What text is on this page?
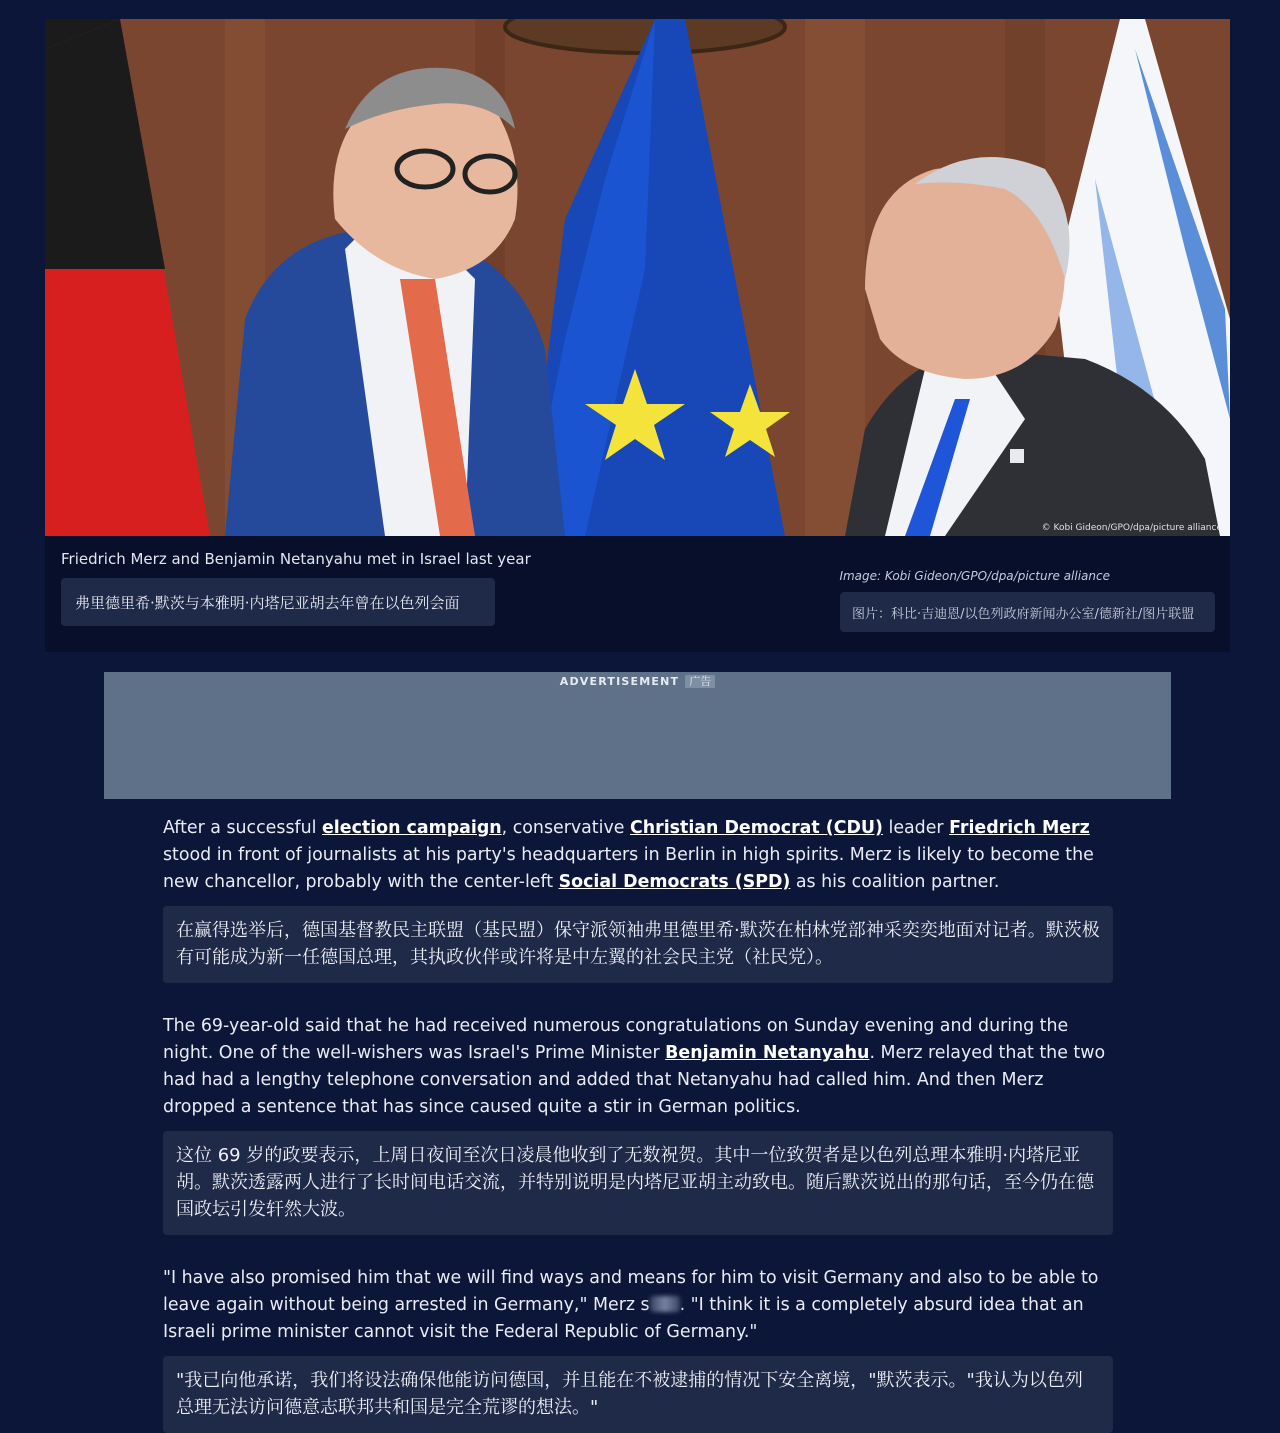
© Kobi Gideon/GPO/dpa/picture alliance
Friedrich Merz and Benjamin Netanyahu met in Israel last year
弗里德里希·默茨与本雅明·内塔尼亚胡去年曾在以色列会面
Image: Kobi Gideon/GPO/dpa/picture alliance
图片：科比·吉迪恩/以色列政府新闻办公室/德新社/图片联盟
ADVERTISEMENT 广告

After a successful election campaign, conservative Christian Democrat (CDU) leader Friedrich Merz stood in front of journalists at his party's headquarters in Berlin in high spirits. Merz is likely to become the new chancellor, probably with the center-left Social Democrats (SPD) as his coalition partner.

在赢得选举后，德国基督教民主联盟（基民盟）保守派领袖弗里德里希·默茨在柏林党部神采奕奕地面对记者。默茨极有可能成为新一任德国总理，其执政伙伴或许将是中左翼的社会民主党（社民党）。

The 69-year-old said that he had received numerous congratulations on Sunday evening and during the night. One of the well-wishers was Israel's Prime Minister Benjamin Netanyahu. Merz relayed that the two had had a lengthy telephone conversation and added that Netanyahu had called him. And then Merz dropped a sentence that has since caused quite a stir in German politics.

这位 69 岁的政要表示，上周日夜间至次日凌晨他收到了无数祝贺。其中一位致贺者是以色列总理本雅明·内塔尼亚胡。默茨透露两人进行了长时间电话交流，并特别说明是内塔尼亚胡主动致电。随后默茨说出的那句话，至今仍在德国政坛引发轩然大波。

"I have also promised him that we will find ways and means for him to visit Germany and also to be able to leave again without being arrested in Germany," Merz s . "I think it is a completely absurd idea that an Israeli prime minister cannot visit the Federal Republic of Germany."

"我已向他承诺，我们将设法确保他能访问德国，并且能在不被逮捕的情况下安全离境，"默茨表示。"我认为以色列总理无法访问德意志联邦共和国是完全荒谬的想法。"
